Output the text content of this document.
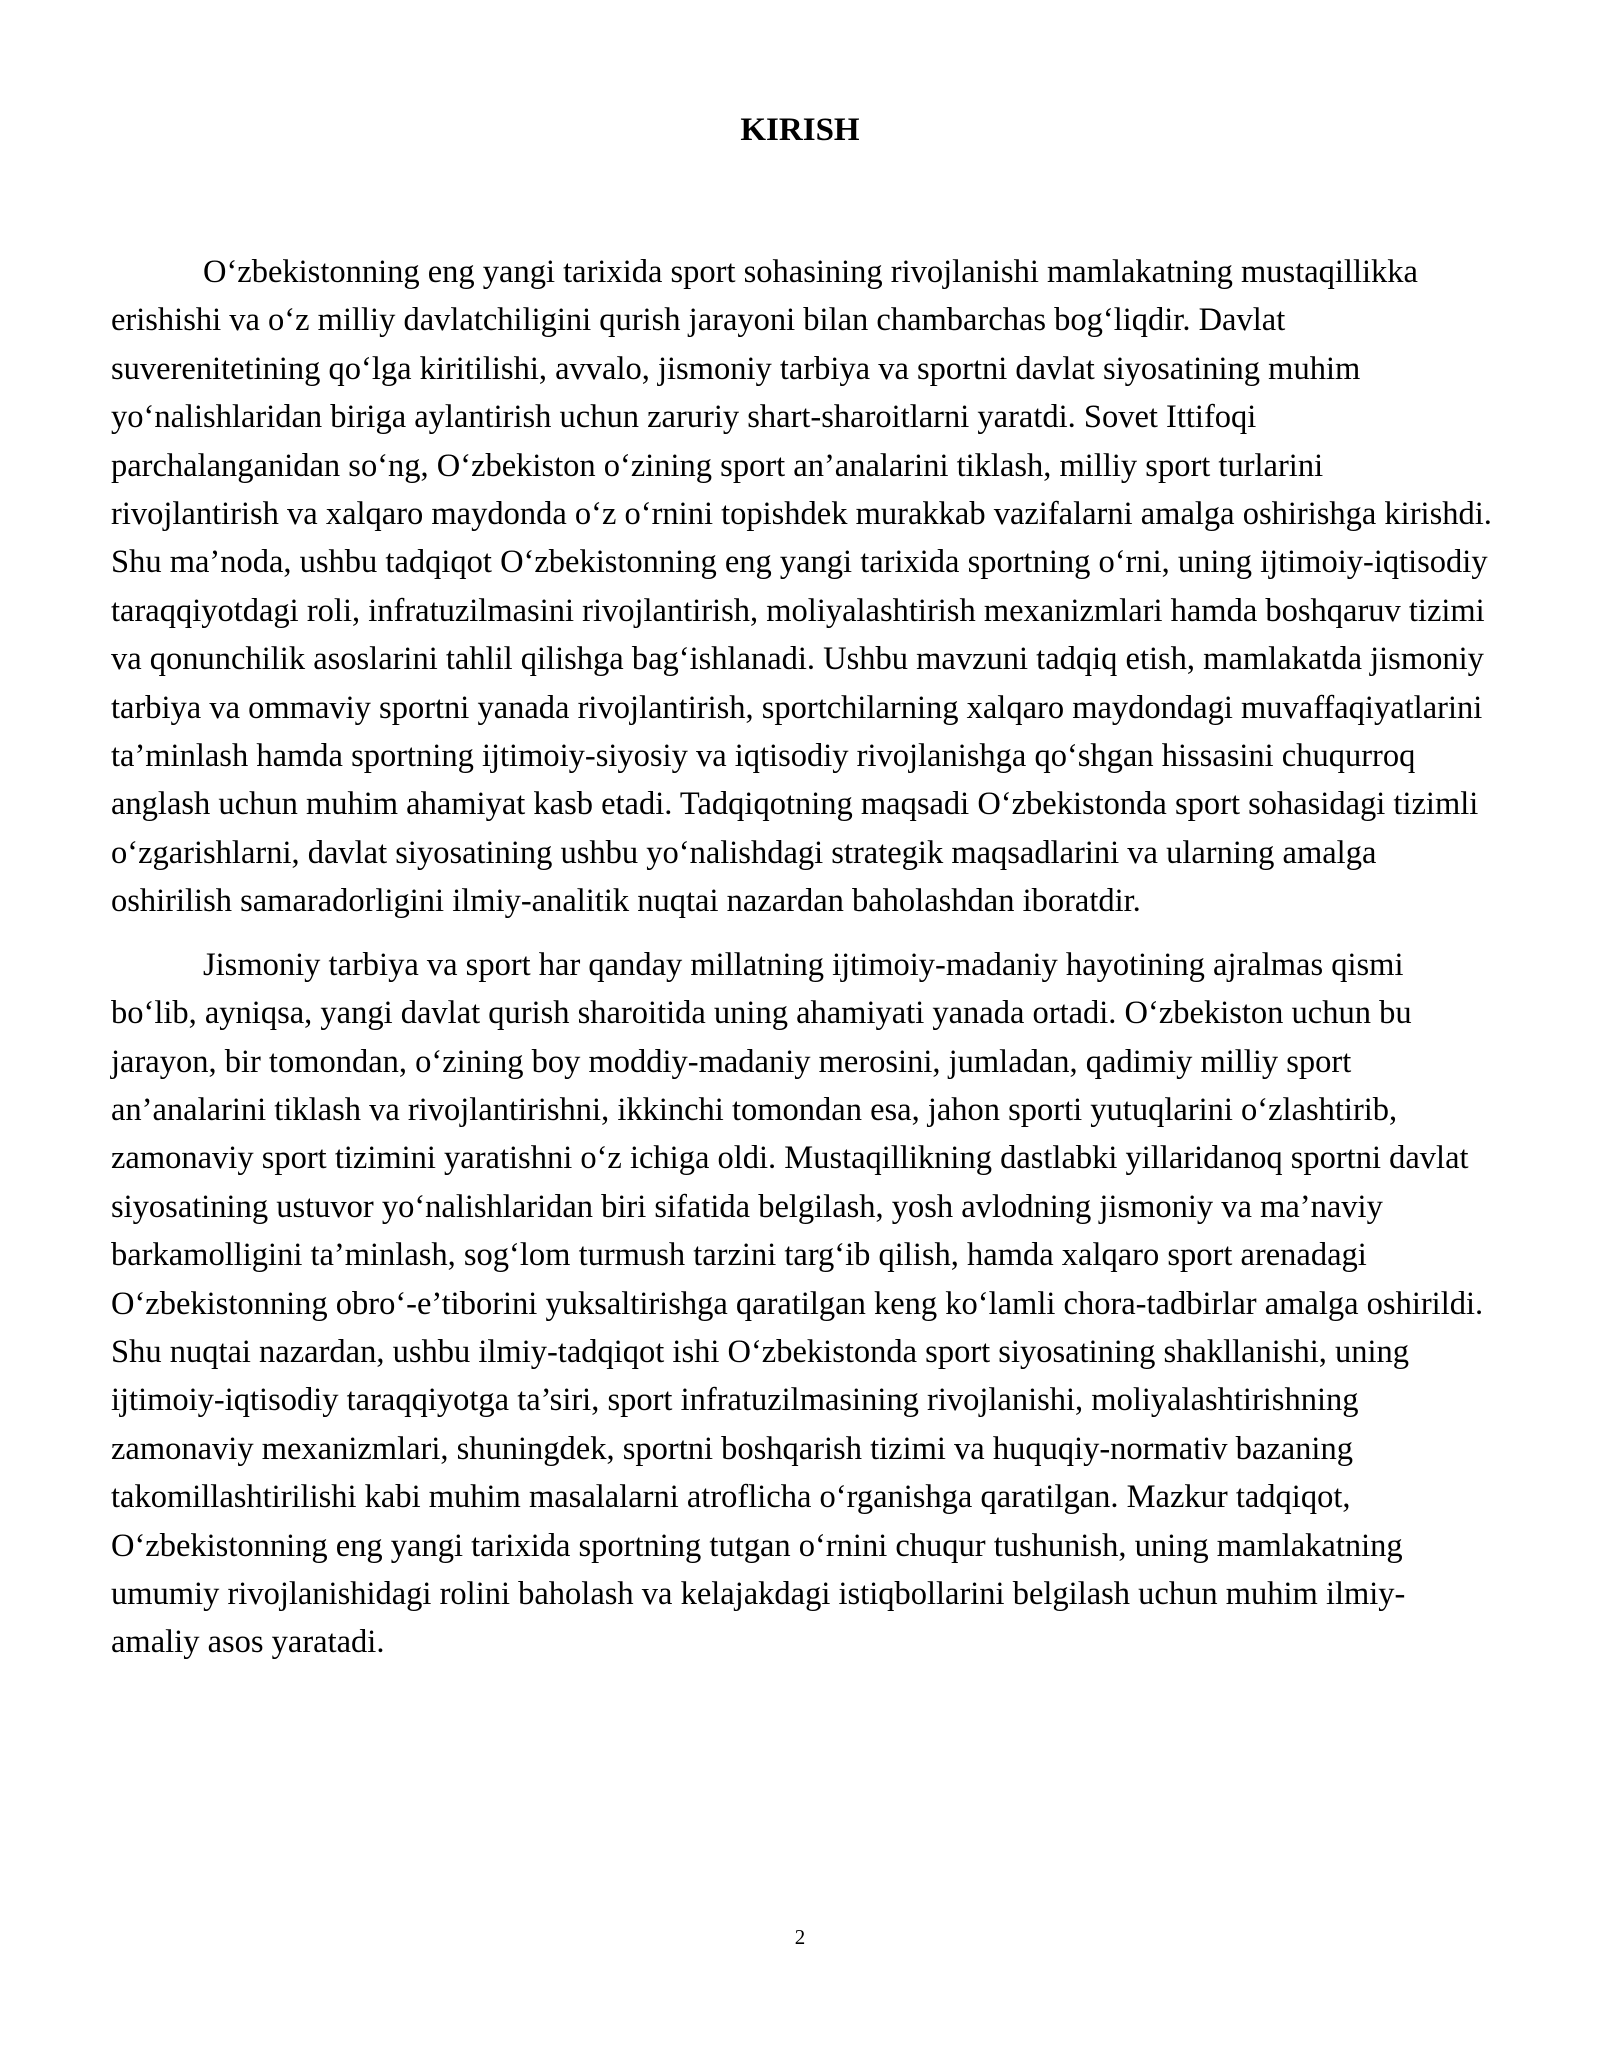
KIRISH

O‘zbekistonning eng yangi tarixida sport sohasining rivojlanishi mamlakatning mustaqillikka erishishi va o‘z milliy davlatchiligini qurish jarayoni bilan chambarchas bog‘liqdir. Davlat suverenitetining qo‘lga kiritilishi, avvalo, jismoniy tarbiya va sportni davlat siyosatining muhim yo‘nalishlaridan biriga aylantirish uchun zaruriy shart-sharoitlarni yaratdi. Sovet Ittifoqi parchalanganidan so‘ng, O‘zbekiston o‘zining sport an’analarini tiklash, milliy sport turlarini rivojlantirish va xalqaro maydonda o‘z o‘rnini topishdek murakkab vazifalarni amalga oshirishga kirishdi. Shu ma’noda, ushbu tadqiqot O‘zbekistonning eng yangi tarixida sportning o‘rni, uning ijtimoiy-iqtisodiy taraqqiyotdagi roli, infratuzilmasini rivojlantirish, moliyalashtirish mexanizmlari hamda boshqaruv tizimi va qonunchilik asoslarini tahlil qilishga bag‘ishlanadi. Ushbu mavzuni tadqiq etish, mamlakatda jismoniy tarbiya va ommaviy sportni yanada rivojlantirish, sportchilarning xalqaro maydondagi muvaffaqiyatlarini ta’minlash hamda sportning ijtimoiy-siyosiy va iqtisodiy rivojlanishga qo‘shgan hissasini chuqurroq anglash uchun muhim ahamiyat kasb etadi. Tadqiqotning maqsadi O‘zbekistonda sport sohasidagi tizimli o‘zgarishlarni, davlat siyosatining ushbu yo‘nalishdagi strategik maqsadlarini va ularning amalga oshirilish samaradorligini ilmiy-analitik nuqtai nazardan baholashdan iboratdir.

Jismoniy tarbiya va sport har qanday millatning ijtimoiy-madaniy hayotining ajralmas qismi bo‘lib, ayniqsa, yangi davlat qurish sharoitida uning ahamiyati yanada ortadi. O‘zbekiston uchun bu jarayon, bir tomondan, o‘zining boy moddiy-madaniy merosini, jumladan, qadimiy milliy sport an’analarini tiklash va rivojlantirishni, ikkinchi tomondan esa, jahon sporti yutuqlarini o‘zlashtirib, zamonaviy sport tizimini yaratishni o‘z ichiga oldi. Mustaqillikning dastlabki yillaridanoq sportni davlat siyosatining ustuvor yo‘nalishlaridan biri sifatida belgilash, yosh avlodning jismoniy va ma’naviy barkamolligini ta’minlash, sog‘lom turmush tarzini targ‘ib qilish, hamda xalqaro sport arenadagi O‘zbekistonning obro‘-e’tiborini yuksaltirishga qaratilgan keng ko‘lamli chora-tadbirlar amalga oshirildi. Shu nuqtai nazardan, ushbu ilmiy-tadqiqot ishi O‘zbekistonda sport siyosatining shakllanishi, uning ijtimoiy-iqtisodiy taraqqiyotga ta’siri, sport infratuzilmasining rivojlanishi, moliyalashtirishning zamonaviy mexanizmlari, shuningdek, sportni boshqarish tizimi va huquqiy-normativ bazaning takomillashtirilishi kabi muhim masalalarni atroflicha o‘rganishga qaratilgan. Mazkur tadqiqot, O‘zbekistonning eng yangi tarixida sportning tutgan o‘rnini chuqur tushunish, uning mamlakatning umumiy rivojlanishidagi rolini baholash va kelajakdagi istiqbollarini belgilash uchun muhim ilmiy-amaliy asos yaratadi.

2
